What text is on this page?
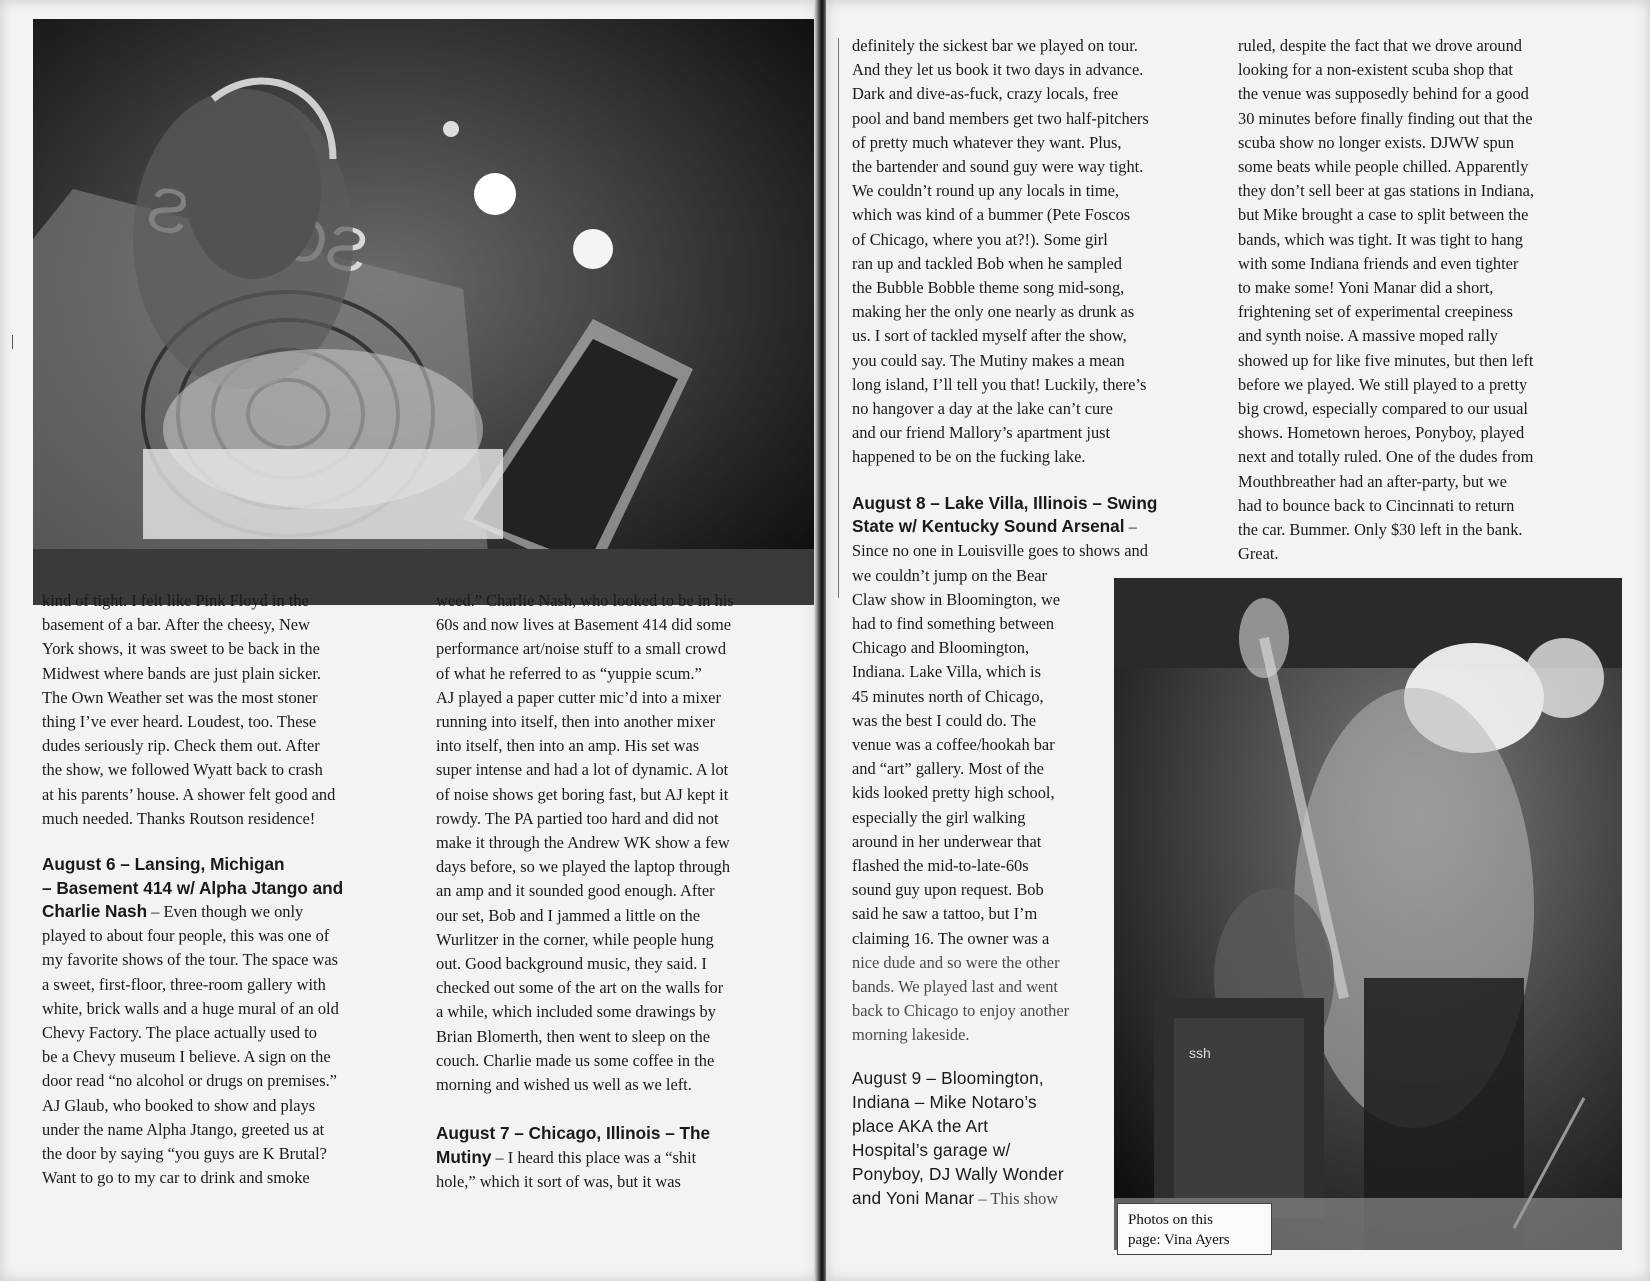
kind of tight. I felt like Pink Floyd in the

basement of a bar. After the cheesy, New

York shows, it was sweet to be back in the

Midwest where bands are just plain sicker.

The Own Weather set was the most stoner

thing I’ve ever heard. Loudest, too. These

dudes seriously rip. Check them out. After

the show, we followed Wyatt back to crash

at his parents’ house. A shower felt good and

much needed. Thanks Routson residence!

August 6 – Lansing, Michigan

– Basement 414 w/ Alpha Jtango and

Charlie Nash – Even though we only

played to about four people, this was one of

my favorite shows of the tour. The space was

a sweet, first-floor, three-room gallery with

white, brick walls and a huge mural of an old

Chevy Factory. The place actually used to

be a Chevy museum I believe. A sign on the

door read “no alcohol or drugs on premises.”

AJ Glaub, who booked to show and plays

under the name Alpha Jtango, greeted us at

the door by saying “you guys are K Brutal?

Want to go to my car to drink and smoke

weed.” Charlie Nash, who looked to be in his

60s and now lives at Basement 414 did some

performance art/noise stuff to a small crowd

of what he referred to as “yuppie scum.”

AJ played a paper cutter mic’d into a mixer

running into itself, then into another mixer

into itself, then into an amp. His set was

super intense and had a lot of dynamic. A lot

of noise shows get boring fast, but AJ kept it

rowdy. The PA partied too hard and did not

make it through the Andrew WK show a few

days before, so we played the laptop through

an amp and it sounded good enough. After

our set, Bob and I jammed a little on the

Wurlitzer in the corner, while people hung

out. Good background music, they said. I

checked out some of the art on the walls for

a while, which included some drawings by

Brian Blomerth, then went to sleep on the

couch. Charlie made us some coffee in the

morning and wished us well as we left.

August 7 – Chicago, Illinois – The

Mutiny – I heard this place was a “shit

hole,” which it sort of was, but it was

definitely the sickest bar we played on tour.

And they let us book it two days in advance.

Dark and dive-as-fuck, crazy locals, free

pool and band members get two half-pitchers

of pretty much whatever they want. Plus,

the bartender and sound guy were way tight.

We couldn’t round up any locals in time,

which was kind of a bummer (Pete Foscos

of Chicago, where you at?!). Some girl

ran up and tackled Bob when he sampled

the Bubble Bobble theme song mid-song,

making her the only one nearly as drunk as

us. I sort of tackled myself after the show,

you could say. The Mutiny makes a mean

long island, I’ll tell you that! Luckily, there’s

no hangover a day at the lake can’t cure

and our friend Mallory’s apartment just

happened to be on the fucking lake.

August 8 – Lake Villa, Illinois – Swing

State w/ Kentucky Sound Arsenal –

Since no one in Louisville goes to shows and

we couldn’t jump on the Bear

Claw show in Bloomington, we

had to find something between

Chicago and Bloomington,

Indiana. Lake Villa, which is

45 minutes north of Chicago,

was the best I could do. The

venue was a coffee/hookah bar

and “art” gallery. Most of the

kids looked pretty high school,

especially the girl walking

around in her underwear that

flashed the mid-to-late-60s

sound guy upon request. Bob

said he saw a tattoo, but I’m

claiming 16. The owner was a

nice dude and so were the other

bands. We played last and went

back to Chicago to enjoy another

morning lakeside.

August 9 – Bloomington,

Indiana – Mike Notaro’s

place AKA the Art

Hospital’s garage w/

Ponyboy, DJ Wally Wonder

and Yoni Manar – This show

ruled, despite the fact that we drove around

looking for a non-existent scuba shop that

the venue was supposedly behind for a good

30 minutes before finally finding out that the

scuba show no longer exists. DJWW spun

some beats while people chilled. Apparently

they don’t sell beer at gas stations in Indiana,

but Mike brought a case to split between the

bands, which was tight. It was tight to hang

with some Indiana friends and even tighter

to make some! Yoni Manar did a short,

frightening set of experimental creepiness

and synth noise. A massive moped rally

showed up for like five minutes, but then left

before we played. We still played to a pretty

big crowd, especially compared to our usual

shows. Hometown heroes, Ponyboy, played

next and totally ruled. One of the dudes from

Mouthbreather had an after-party, but we

had to bounce back to Cincinnati to return

the car. Bummer. Only $30 left in the bank.

Great.

ssh
Photos on this
page: Vina Ayers
